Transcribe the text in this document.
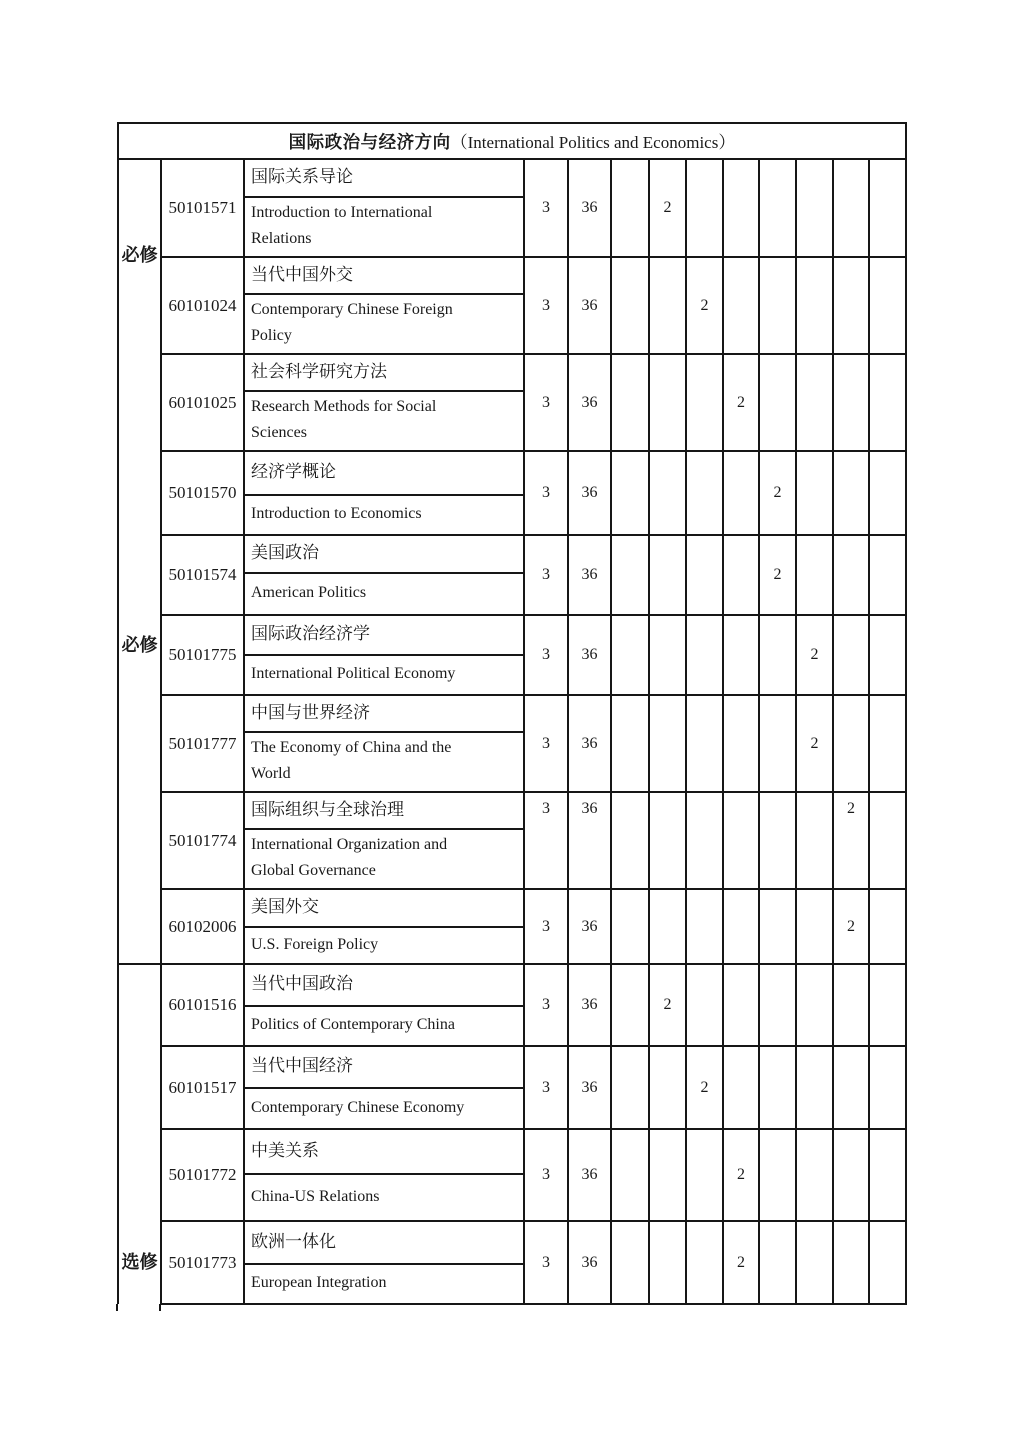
国际政治与经济方向（International Politics and Economics）												

必修
必修	50101571	国际关系导论	3	36		2						
		Introduction to International Relations										
	60101024	当代中国外交	3	36			2					
		Contemporary Chinese Foreign Policy										
	60101025	社会科学研究方法	3	36				2				
		Research Methods for Social Sciences										
	50101570	经济学概论	3	36					2			
		Introduction to Economics										
	50101574	美国政治	3	36					2			
		American Politics										
	50101775	国际政治经济学	3	36						2		
		International Political Economy										
	50101777	中国与世界经济	3	36						2		
		The Economy of China and the World										
	50101774	国际组织与全球治理	3	36							2	
		International Organization and Global Governance										
	60102006	美国外交	3	36							2	
		U.S. Foreign Policy										

选修	60101516	当代中国政治	3	36		2						
		Politics of Contemporary China										
	60101517	当代中国经济	3	36			2					
		Contemporary Chinese Economy										
	50101772	中美关系	3	36				2				
		China-US Relations										
	50101773	欧洲一体化	3	36				2				
		European Integration										
